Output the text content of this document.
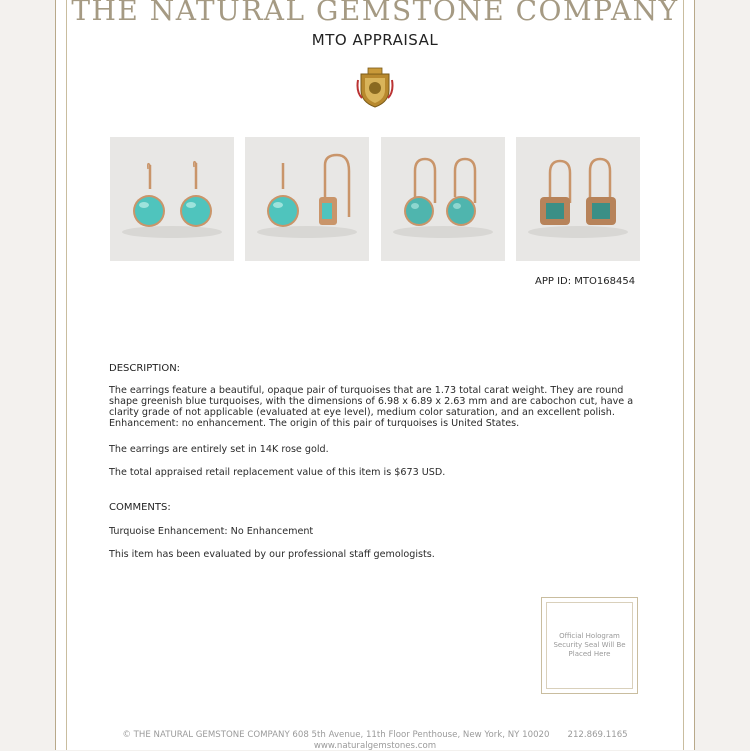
THE NATURAL GEMSTONE COMPANY
MTO APPRAISAL
APP ID: MTO168454
DESCRIPTION:
The earrings feature a beautiful, opaque pair of turquoises that are 1.73 total carat weight. They are round shape greenish blue turquoises, with the dimensions of 6.98 x 6.89 x 2.63 mm and are cabochon cut, have a clarity grade of not applicable (evaluated at eye level), medium color saturation, and an excellent polish. Enhancement: no enhancement. The origin of this pair of turquoises is United States.
The earrings are entirely set in 14K rose gold.
The total appraised retail replacement value of this item is $673 USD.
COMMENTS:
Turquoise Enhancement: No Enhancement
This item has been evaluated by our professional staff gemologists.
Official Hologram Security Seal Will Be Placed Here
© THE NATURAL GEMSTONE COMPANY 608 5th Avenue, 11th Floor Penthouse, New York, NY 10020 212.869.1165
www.naturalgemstones.com
